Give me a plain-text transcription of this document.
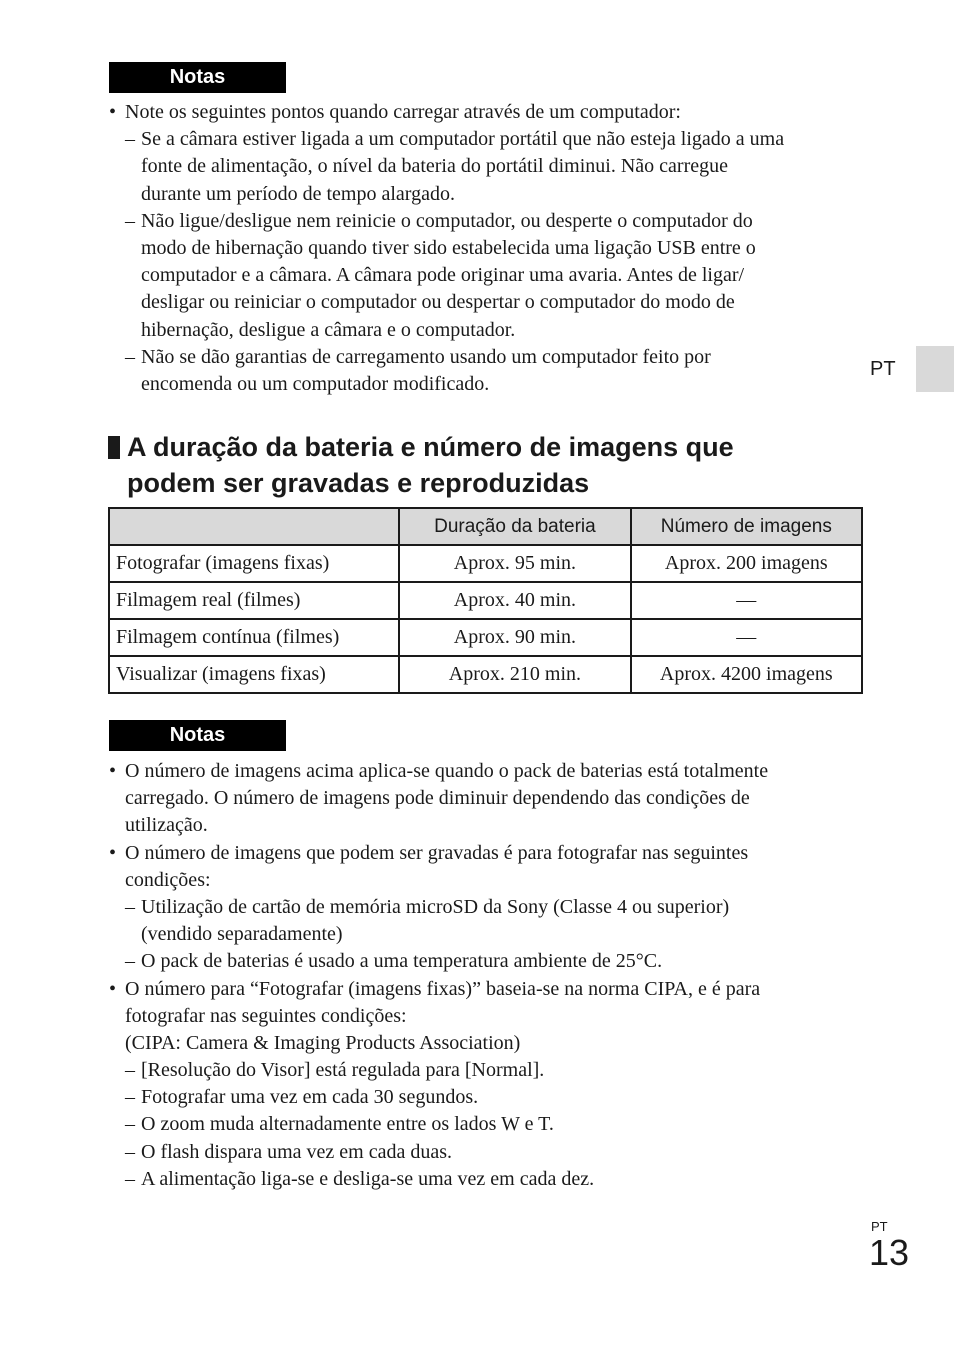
Notas
• Note os seguintes pontos quando carregar através de um computador:
– Se a câmara estiver ligada a um computador portátil que não esteja ligado a uma
fonte de alimentação, o nível da bateria do portátil diminui. Não carregue
durante um período de tempo alargado.
– Não ligue/desligue nem reinicie o computador, ou desperte o computador do
modo de hibernação quando tiver sido estabelecida uma ligação USB entre o
computador e a câmara. A câmara pode originar uma avaria. Antes de ligar/
desligar ou reiniciar o computador ou despertar o computador do modo de
hibernação, desligue a câmara e o computador.
– Não se dão garantias de carregamento usando um computador feito por
encomenda ou um computador modificado.
PT
A duração da bateria e número de imagens que
podem ser gravadas e reproduzidas
	Duração da bateria	Número de imagens
Fotografar (imagens fixas)	Aprox. 95 min.	Aprox. 200 imagens
Filmagem real (filmes)	Aprox. 40 min.	—
Filmagem contínua (filmes)	Aprox. 90 min.	—
Visualizar (imagens fixas)	Aprox. 210 min.	Aprox. 4200 imagens
Notas
• O número de imagens acima aplica-se quando o pack de baterias está totalmente
carregado. O número de imagens pode diminuir dependendo das condições de
utilização.
• O número de imagens que podem ser gravadas é para fotografar nas seguintes
condições:
– Utilização de cartão de memória microSD da Sony (Classe 4 ou superior)
(vendido separadamente)
– O pack de baterias é usado a uma temperatura ambiente de 25°C.
• O número para “Fotografar (imagens fixas)” baseia-se na norma CIPA, e é para
fotografar nas seguintes condições:
(CIPA: Camera & Imaging Products Association)
– [Resolução do Visor] está regulada para [Normal].
– Fotografar uma vez em cada 30 segundos.
– O zoom muda alternadamente entre os lados W e T.
– O flash dispara uma vez em cada duas.
– A alimentação liga-se e desliga-se uma vez em cada dez.
PT
13
